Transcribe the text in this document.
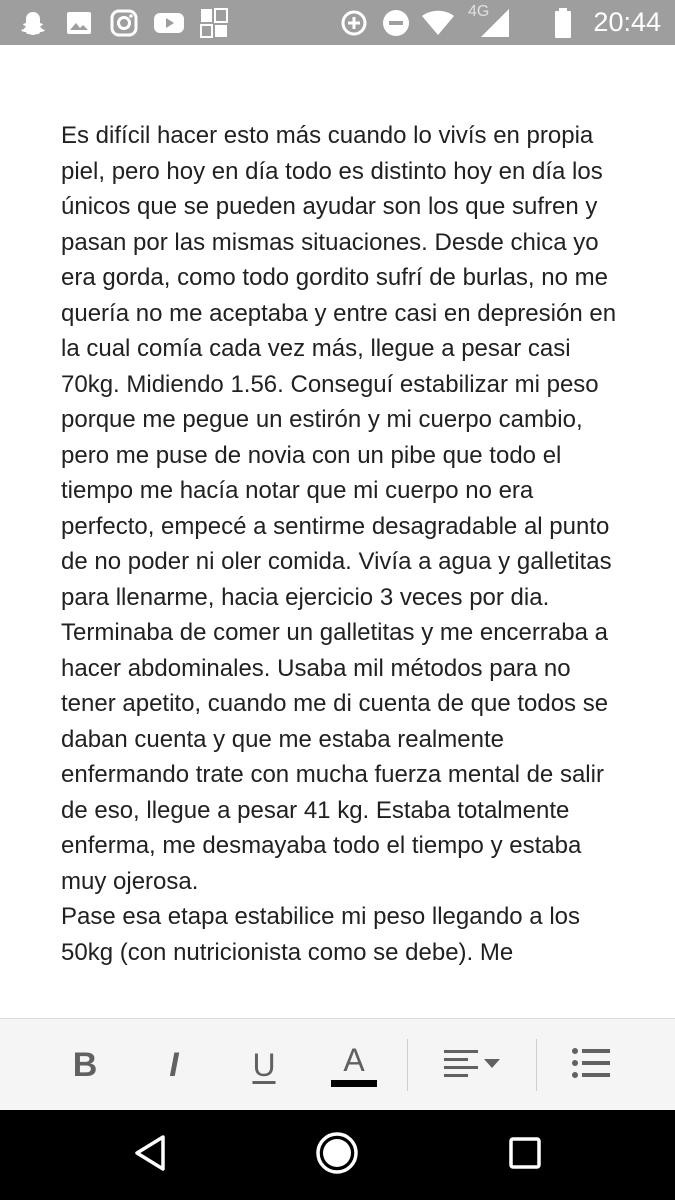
4G	20:44

Es difícil hacer esto más cuando lo vivís en propia piel, pero hoy en día todo es distinto hoy en día los únicos que se pueden ayudar son los que sufren y pasan por las mismas situaciones. Desde chica yo era gorda, como todo gordito sufrí de burlas, no me quería no me aceptaba y entre casi en depresión en la cual comía cada vez más, llegue a pesar casi 70kg. Midiendo 1.56. Conseguí estabilizar mi peso porque me pegue un estirón y mi cuerpo cambio, pero me puse de novia con un pibe que todo el tiempo me hacía notar que mi cuerpo no era perfecto, empecé a sentirme desagradable al punto de no poder ni oler comida. Vivía a agua y galletitas para llenarme, hacia ejercicio 3 veces por dia. Terminaba de comer un galletitas y me encerraba a hacer abdominales. Usaba mil métodos para no tener apetito, cuando me di cuenta de que todos se daban cuenta y que me estaba realmente enfermando trate con mucha fuerza mental de salir de eso, llegue a pesar 41 kg. Estaba totalmente enferma, me desmayaba todo el tiempo y estaba muy ojerosa.

Pase esa etapa estabilice mi peso llegando a los 50kg (con nutricionista como se debe). Me

B I U A
